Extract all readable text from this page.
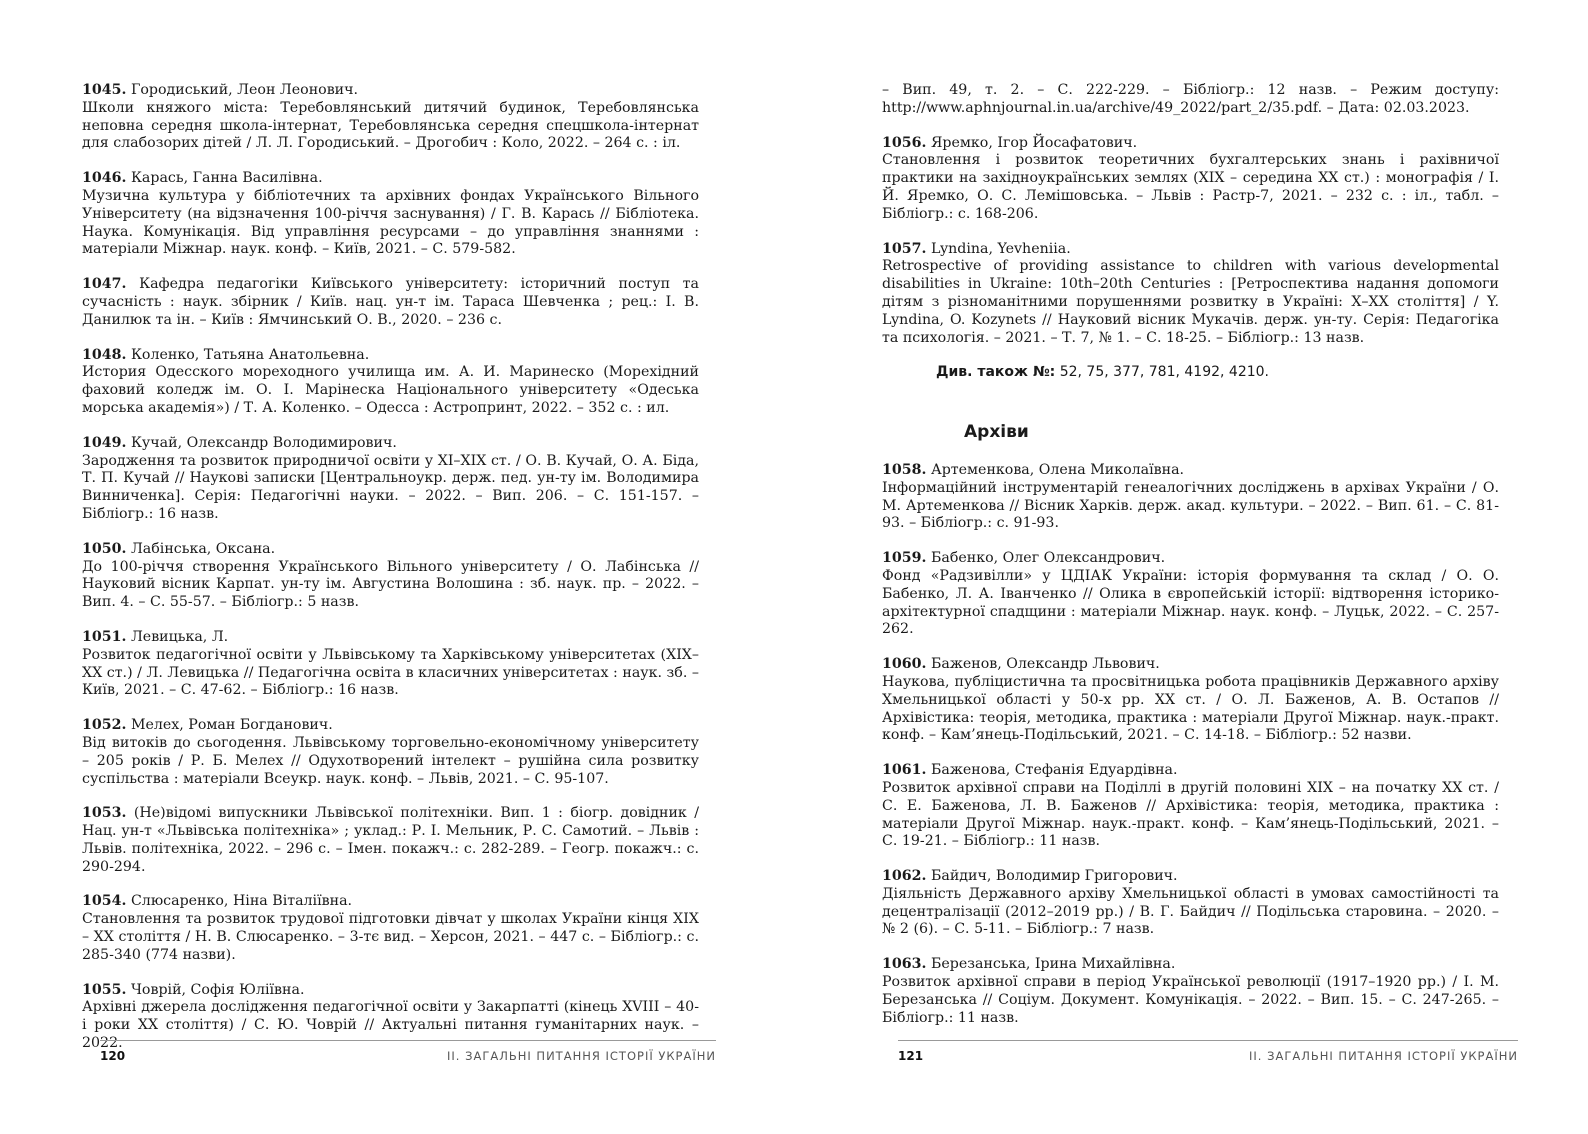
1045. Городиський, Леон Леонович.
Школи княжого міста: Теребовлянський дитячий будинок, Теребовлянська неповна середня школа-інтернат, Теребовлянська середня спецшкола-інтернат для слабозорих дітей / Л. Л. Городиський. – Дрогобич : Коло, 2022. – 264 с. : іл.
1046. Карась, Ганна Василівна.
Музична культура у бібліотечних та архівних фондах Українського Вільного Університету (на відзначення 100-річчя заснування) / Г. В. Карась // Бібліотека. Наука. Комунікація. Від управління ресурсами – до управління знаннями : матеріали Міжнар. наук. конф. – Київ, 2021. – С. 579-582.
1047. Кафедра педагогіки Київського університету: історичний поступ та сучасність : наук. збірник / Київ. нац. ун-т ім. Тараса Шевченка ; рец.: І. В. Данилюк та ін. – Київ : Ямчинський О. В., 2020. – 236 с.
1048. Коленко, Татьяна Анатольевна.
История Одесского мореходного училища им. А. И. Маринеско (Морехідний фаховий коледж ім. О. І. Марінеска Національного університету «Одеська морська академія») / Т. А. Коленко. – Одесса : Астропринт, 2022. – 352 с. : ил.
1049. Кучай, Олександр Володимирович.
Зародження та розвиток природничої освіти у XI–XIX ст. / О. В. Кучай, О. А. Біда, Т. П. Кучай // Наукові записки [Центральноукр. держ. пед. ун-ту ім. Володимира Винниченка]. Серія: Педагогічні науки. – 2022. – Вип. 206. – С. 151-157. – Бібліогр.: 16 назв.
1050. Лабінська, Оксана.
До 100-річчя створення Українського Вільного університету / О. Лабінська // Науковий вісник Карпат. ун-ту ім. Августина Волошина : зб. наук. пр. – 2022. – Вип. 4. – С. 55-57. – Бібліогр.: 5 назв.
1051. Левицька, Л.
Розвиток педагогічної освіти у Львівському та Харківському університетах (XIX–XX ст.) / Л. Левицька // Педагогічна освіта в класичних університетах : наук. зб. – Київ, 2021. – С. 47-62. – Бібліогр.: 16 назв.
1052. Мелех, Роман Богданович.
Від витоків до сьогодення. Львівському торговельно-економічному університету – 205 років / Р. Б. Мелех // Одухотворений інтелект – рушійна сила розвитку суспільства : матеріали Всеукр. наук. конф. – Львів, 2021. – С. 95-107.
1053. (Не)відомі випускники Львівської політехніки. Вип. 1 : біогр. довідник / Нац. ун-т «Львівська політехніка» ; уклад.: Р. І. Мельник, Р. С. Самотий. – Львів : Львів. політехніка, 2022. – 296 с. – Імен. покажч.: с. 282-289. – Геогр. покажч.: с. 290-294.
1054. Слюсаренко, Ніна Віталіївна.
Становлення та розвиток трудової підготовки дівчат у школах України кінця XIX – XX століття / Н. В. Слюсаренко. – 3-тє вид. – Херсон, 2021. – 447 с. – Бібліогр.: с. 285-340 (774 назви).
1055. Човрій, Софія Юліївна.
Архівні джерела дослідження педагогічної освіти у Закарпатті (кінець XVIII – 40-і роки XX століття) / С. Ю. Човрій // Актуальні питання гуманітарних наук. – 2022.
120	ІІ. ЗАГАЛЬНІ ПИТАННЯ ІСТОРІЇ УКРАЇНИ
– Вип. 49, т. 2. – С. 222-229. – Бібліогр.: 12 назв. – Режим доступу: http://www.aphnjournal.in.ua/archive/49_2022/part_2/35.pdf. – Дата: 02.03.2023.
1056. Яремко, Ігор Йосафатович.
Становлення і розвиток теоретичних бухгалтерських знань і рахівничої практики на західноукраїнських землях (XIX – середина XX ст.) : монографія / І. Й. Яремко, О. С. Лемішовська. – Львів : Растр-7, 2021. – 232 с. : іл., табл. – Бібліогр.: с. 168-206.
1057. Lyndina, Yevheniia.
Retrospective of providing assistance to children with various developmental disabilities in Ukraine: 10th–20th Centuries : [Ретроспектива надання допомоги дітям з різноманітними порушеннями розвитку в Україні: X–XX століття] / Y. Lyndina, O. Kozynets // Науковий вісник Мукачів. держ. ун-ту. Серія: Педагогіка та психологія. – 2021. – Т. 7, № 1. – С. 18-25. – Бібліогр.: 13 назв.
Див. також №: 52, 75, 377, 781, 4192, 4210.
Архіви
1058. Артеменкова, Олена Миколаївна.
Інформаційний інструментарій генеалогічних досліджень в архівах України / О. М. Артеменкова // Вісник Харків. держ. акад. культури. – 2022. – Вип. 61. – С. 81-93. – Бібліогр.: с. 91-93.
1059. Бабенко, Олег Олександрович.
Фонд «Радзивілли» у ЦДІАК України: історія формування та склад / О. О. Бабенко, Л. А. Іванченко // Олика в європейській історії: відтворення історико-архітектурної спадщини : матеріали Міжнар. наук. конф. – Луцьк, 2022. – С. 257-262.
1060. Баженов, Олександр Львович.
Наукова, публіцистична та просвітницька робота працівників Державного архіву Хмельницької області у 50-х рр. XX ст. / О. Л. Баженов, А. В. Остапов // Архівістика: теорія, методика, практика : матеріали Другої Міжнар. наук.-практ. конф. – Кам’янець-Подільський, 2021. – С. 14-18. – Бібліогр.: 52 назви.
1061. Баженова, Стефанія Едуардівна.
Розвиток архівної справи на Поділлі в другій половині XIX – на початку XX ст. / С. Е. Баженова, Л. В. Баженов // Архівістика: теорія, методика, практика : матеріали Другої Міжнар. наук.-практ. конф. – Кам’янець-Подільський, 2021. – С. 19-21. – Бібліогр.: 11 назв.
1062. Байдич, Володимир Григорович.
Діяльність Державного архіву Хмельницької області в умовах самостійності та децентралізації (2012–2019 рр.) / В. Г. Байдич // Подільська старовина. – 2020. – № 2 (6). – С. 5-11. – Бібліогр.: 7 назв.
1063. Березанська, Ірина Михайлівна.
Розвиток архівної справи в період Української революції (1917–1920 рр.) / І. М. Березанська // Соціум. Документ. Комунікація. – 2022. – Вип. 15. – С. 247-265. – Бібліогр.: 11 назв.
121	ІІ. ЗАГАЛЬНІ ПИТАННЯ ІСТОРІЇ УКРАЇНИ
